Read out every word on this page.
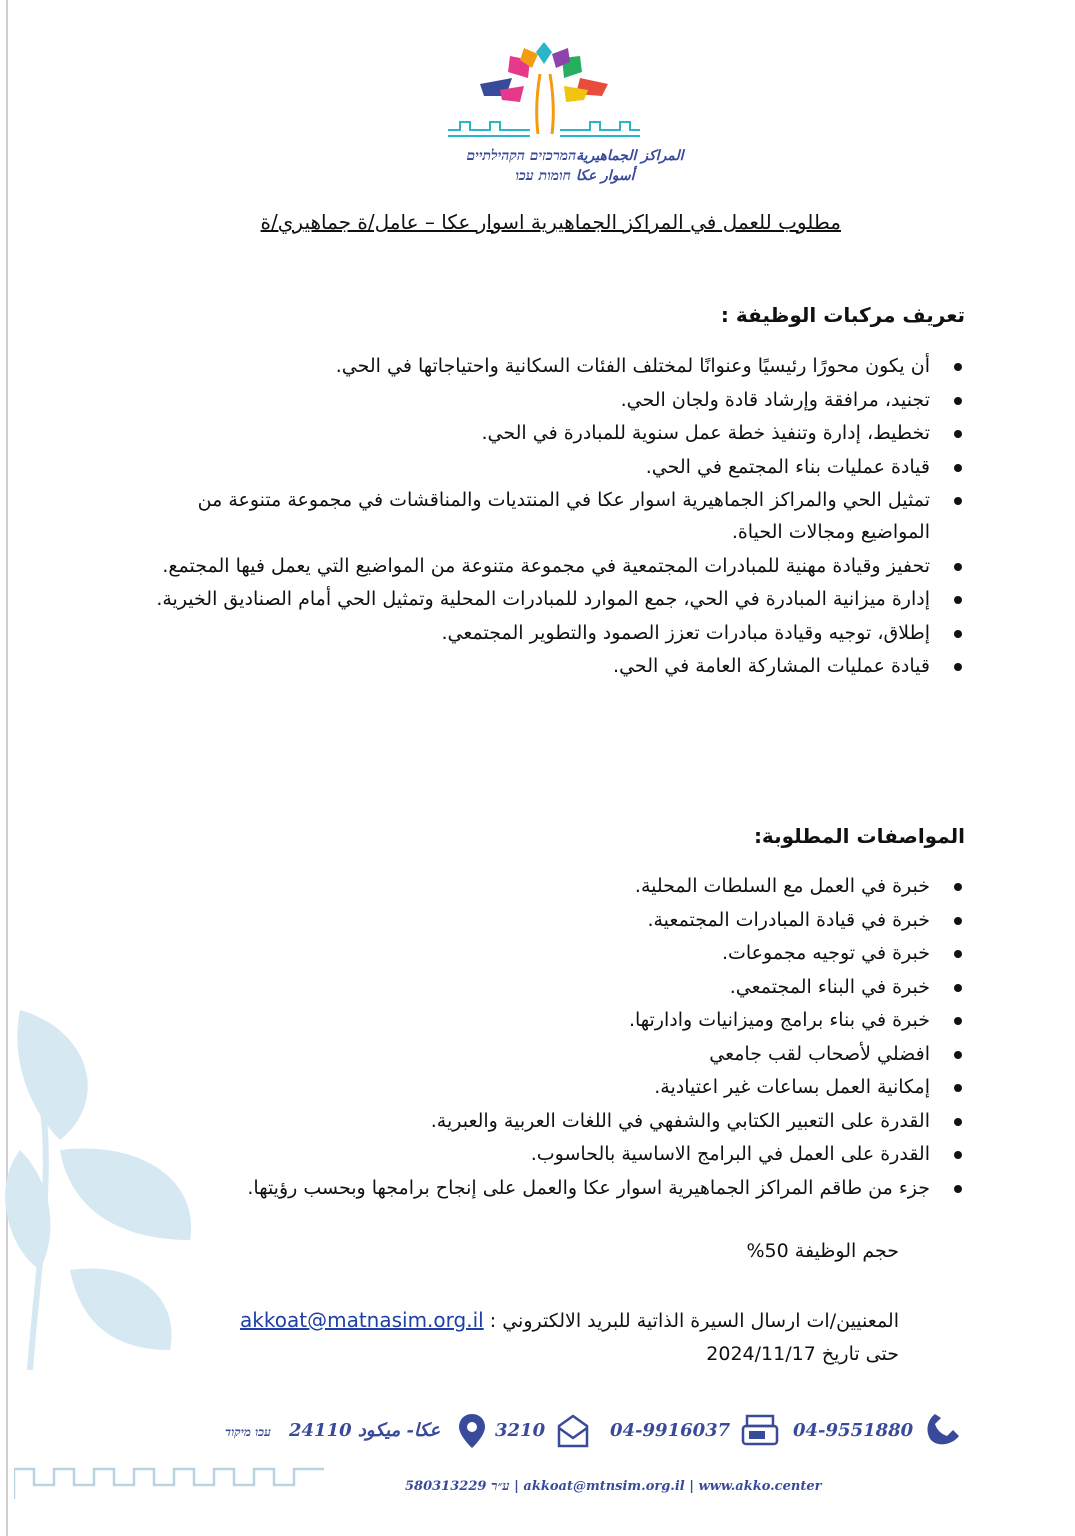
المراكز الجماهيريةהמרכזים הקהילתיים
أسوار عكا חומות עכו
مطلوب للعمل في المراكز الجماهيرية اسوار عكا – عامل/ة جماهيري/ة
تعريف مركبات الوظيفة :
أن يكون محورًا رئيسيًا وعنوانًا لمختلف الفئات السكانية واحتياجاتها في الحي.
تجنيد، مرافقة وإرشاد قادة ولجان الحي.
تخطيط، إدارة وتنفيذ خطة عمل سنوية للمبادرة في الحي.
قيادة عمليات بناء المجتمع في الحي.
تمثيل الحي والمراكز الجماهيرية اسوار عكا في المنتديات والمناقشات في مجموعة متنوعة من المواضيع ومجالات الحياة.
تحفيز وقيادة مهنية للمبادرات المجتمعية في مجموعة متنوعة من المواضيع التي يعمل فيها المجتمع.
إدارة ميزانية المبادرة في الحي، جمع الموارد للمبادرات المحلية وتمثيل الحي أمام الصناديق الخيرية.
إطلاق، توجيه وقيادة مبادرات تعزز الصمود والتطوير المجتمعي.
قيادة عمليات المشاركة العامة في الحي.
المواصفات المطلوبة:
خبرة في العمل مع السلطات المحلية.
خبرة في قيادة المبادرات المجتمعية.
خبرة في توجيه مجموعات.
خبرة في البناء المجتمعي.
خبرة في بناء برامج وميزانيات وادارتها.
افضلي لأصحاب لقب جامعي
إمكانية العمل بساعات غير اعتيادية.
القدرة على التعبير الكتابي والشفهي في اللغات العربية والعبرية.
القدرة على العمل في البرامج الاساسية بالحاسوب.
جزء من طاقم المراكز الجماهيرية اسوار عكا والعمل على إنجاح برامجها وبحسب رؤيتها.
حجم الوظيفة 50%
المعنيين/ات ارسال السيرة الذاتية للبريد الالكتروني : akkoat@matnasim.org.il
حتى تاريخ 2024/11/17
04-9551880
04-9916037
3210
עכו מיקוד عكا- ميكود 24110
580313229 ע״ר | akkoat@mtnsim.org.il | www.akko.center
